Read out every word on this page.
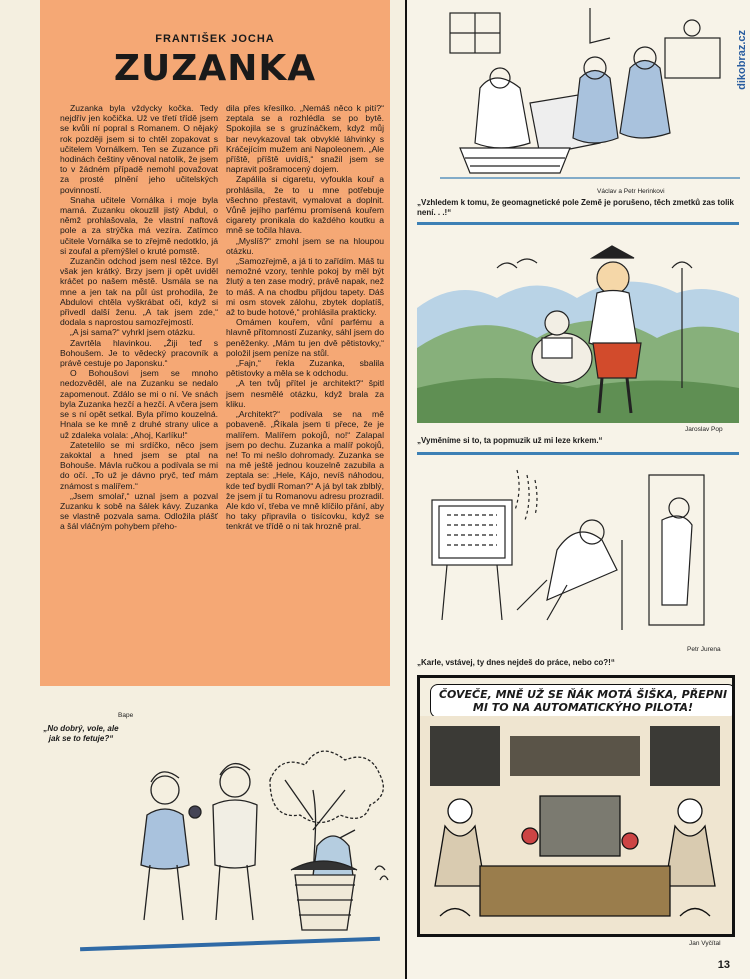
FRANTIŠEK JOCHA
ZUZANKA

Zuzanka byla vždycky kočka. Tedy nejdřív jen kočička. Už ve třetí třídě jsem se kvůli ní popral s Romanem. O nějaký rok později jsem si to chtěl zopakovat s učitelem Vornálkem. Ten se Zuzance při hodinách češtiny věnoval natolik, že jsem to v žádném případě nemohl považovat za prosté plnění jeho učitelských povinností.

Snaha učitele Vornálka i moje byla marná. Zuzanku okouzlil jistý Abdul, o němž prohlašovala, že vlastní naftová pole a za strýčka má vezíra. Zatímco učitele Vornálka se to zřejmě nedotklo, já si zoufal a přemýšlel o kruté pomstě.

Zuzančin odchod jsem nesl těžce. Byl však jen krátký. Brzy jsem ji opět uviděl kráčet po našem městě. Usmála se na mne a jen tak na půl úst prohodila, že Abdulovi chtěla vyškrábat oči, když si přivedl další ženu. „A tak jsem zde,“ dodala s naprostou samozřejmostí.

„A jsi sama?“ vyhrkl jsem otázku.

Zavrtěla hlavinkou. „Žiji teď s Bohoušem. Je to vědecký pracovník a právě cestuje po Japonsku.“

O Bohoušovi jsem se mnoho nedozvěděl, ale na Zuzanku se nedalo zapomenout. Zdálo se mi o ní. Ve snách byla Zuzanka hezčí a hezčí. A včera jsem se s ní opět setkal. Byla přímo kouzelná. Hnala se ke mně z druhé strany ulice a už zdaleka volala: „Ahoj, Karlíku!“

Zatetelilo se mi srdíčko, něco jsem zakoktal a hned jsem se ptal na Bohouše. Mávla ručkou a podívala se mi do očí. „To už je dávno pryč, teď mám známost s malířem.“

„Jsem smolař,“ uznal jsem a pozval Zuzanku k sobě na šálek kávy. Zuzanka se vlastně pozvala sama. Odložila plášť a šál vláčným pohybem přeho-

dila přes křesílko. „Nemáš něco k pití?“ zeptala se a rozhlédla se po bytě. Spokojila se s gruzínáčkem, když můj bar nevykazoval tak obvyklé láhvinky s Kráčejícím mužem ani Napoleonem. „Ale příště, příště uvidíš,“ snažil jsem se napravit pošramocený dojem.

Zapálila si cigaretu, vyfoukla kouř a prohlásila, že to u mne potřebuje všechno přestavit, vymalovat a doplnit. Vůně jejího parfému promísená kouřem cigarety pronikala do každého koutku a mně se točila hlava.

„Myslíš?“ zmohl jsem se na hloupou otázku.

„Samozřejmě, a já ti to zařídím. Máš tu nemožné vzory, tenhle pokoj by měl být žlutý a ten zase modrý, právě napak, než to máš. A na chodbu přijdou tapety. Dáš mi osm stovek zálohu, zbytek doplatíš, až to bude hotové,“ prohlásila prakticky.

Omámen kouřem, vůní parfému a hlavně přítomností Zuzanky, sáhl jsem do peněženky. „Mám tu jen dvě pětistovky,“ položil jsem peníze na stůl.

„Fajn,“ řekla Zuzanka, sbalila pětistovky a měla se k odchodu.

„A ten tvůj přítel je architekt?“ špitl jsem nesmělé otázku, když brala za kliku.

„Architekt?“ podívala se na mě pobaveně. „Říkala jsem ti přece, že je malířem. Malířem pokojů, no!“ Zalapal jsem po dechu. Zuzanka a malíř pokojů, ne! To mi nešlo dohromady. Zuzanka se na mě ještě jednou kouzelně zazubila a zeptala se: „Hele, Kájo, nevíš náhodou, kde teď bydlí Roman?“ A já byl tak zblblý, že jsem jí tu Romanovu adresu prozradil. Ale kdo ví, třeba ve mně klíčilo přání, aby ho taky připravila o tisícovku, když se tenkrát ve třídě o ni tak hrozně pral.

„No dobrý, vole, ale jak se to fetuje?“
Bape
dikobraz.cz
Václav a Petr Herinkovi
„Vzhledem k tomu, že geomagnetické pole Země je porušeno, těch zmetků zas tolik není. . .!“
Jaroslav Pop
„Vyměníme si to, ta popmuzik už mi leze krkem.“
Petr Jurena
„Karle, vstávej, ty dnes nejdeš do práce, nebo co?!“
ČOVEČE, MNĚ UŽ SE ŇÁK MOTÁ ŠIŠKA, PŘEPNI MI TO NA AUTOMATICKÝHO PILOTA!
Jan Vyčítal
13
